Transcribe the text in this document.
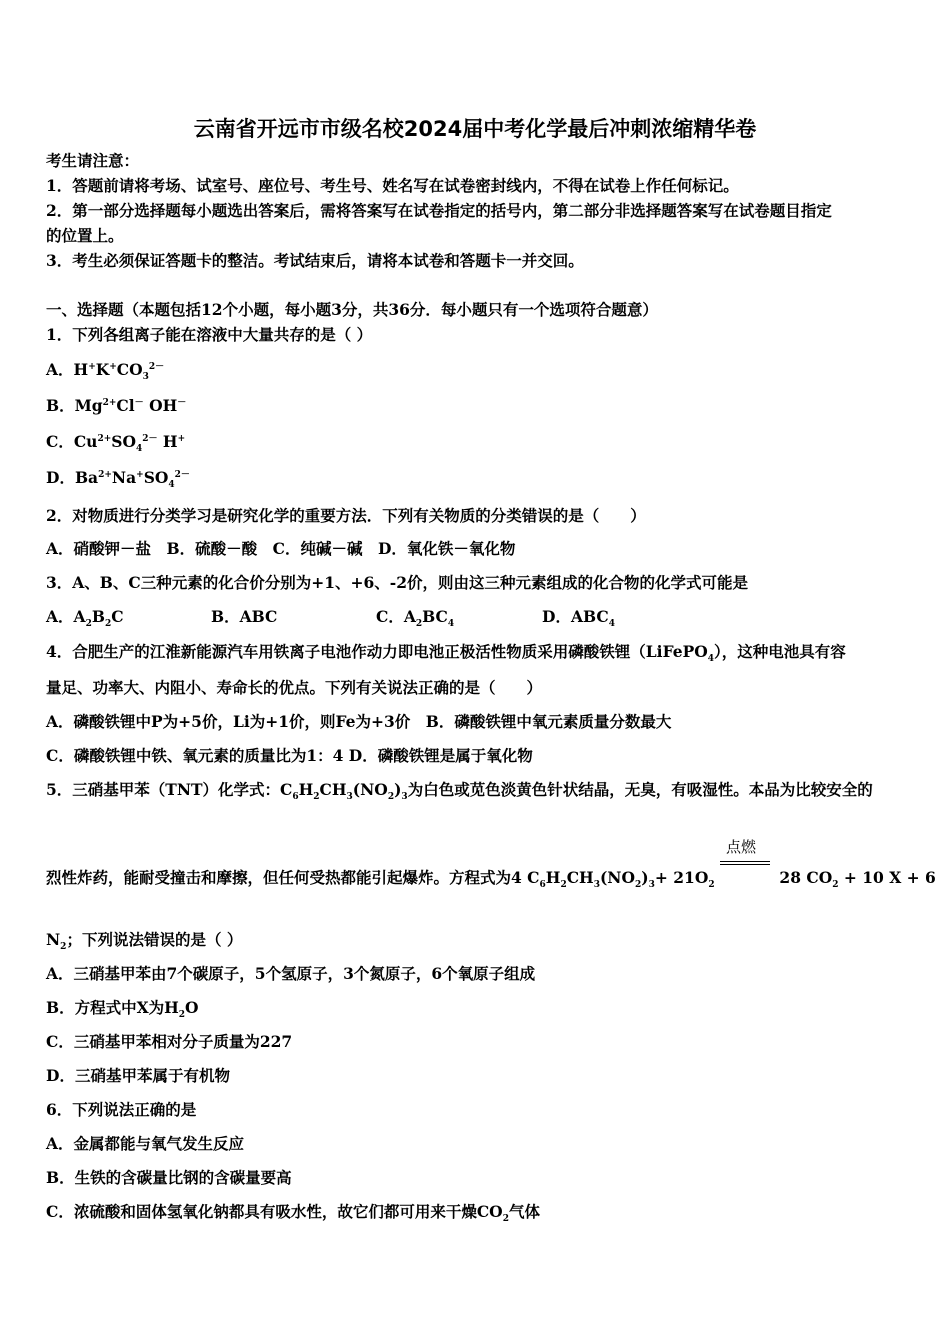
云南省开远市市级名校2024届中考化学最后冲刺浓缩精华卷
考生请注意：
1．答题前请将考场、试室号、座位号、考生号、姓名写在试卷密封线内，不得在试卷上作任何标记。
2．第一部分选择题每小题选出答案后，需将答案写在试卷指定的括号内，第二部分非选择题答案写在试卷题目指定
的位置上。
3．考生必须保证答题卡的整洁。考试结束后，请将本试卷和答题卡一并交回。
一、选择题（本题包括12个小题，每小题3分，共36分．每小题只有一个选项符合题意）
1．下列各组离子能在溶液中大量共存的是（ ）
A．$H^+K^+CO_3^{2-}$
B．$Mg^{2+}Cl^-$ OH－
C．$Cu^{2+}SO_4^{2-}$ H+
D．$Ba^{2+}Na^+SO_4^{2-}$
2．对物质进行分类学习是研究化学的重要方法．下列有关物质的分类错误的是（　　）
A．硝酸钾－盐　B．硫酸－酸　C．纯碱－碱　D．氧化铁－氧化物
3．A、B、C三种元素的化合价分别为+1、+6、-2价，则由这三种元素组成的化合物的化学式可能是
A．$A_2B_2C$	B．ABC	C．$A_2BC_4$	D．$ABC_4$
4．合肥生产的江淮新能源汽车用铁离子电池作动力即电池正极活性物质采用磷酸铁锂（LiFePO$_4$），这种电池具有容
量足、功率大、内阻小、寿命长的优点。下列有关说法正确的是（　　）
A．磷酸铁锂中P为+5价，Li为+1价，则Fe为+3价　B．磷酸铁锂中氧元素质量分数最大
C．磷酸铁锂中铁、氧元素的质量比为1：4 D．磷酸铁锂是属于氧化物
5．三硝基甲苯（TNT）化学式：$C_6H_2CH_3(NO_2)_3$为白色或苋色淡黄色针状结晶，无臭，有吸湿性。本品为比较安全的
烈性炸药，能耐受撞击和摩擦，但任何受热都能引起爆炸。方程式为4 $C_6H_2CH_3(NO_2)_3+ 21O_2$
点燃
28 $CO_2 + 10$ X + 6
$N_2$；下列说法错误的是（ ）
A．三硝基甲苯由7个碳原子，5个氢原子，3个氮原子，6个氧原子组成
B．方程式中X为$H_2O$
C．三硝基甲苯相对分子质量为227
D．三硝基甲苯属于有机物
6．下列说法正确的是
A．金属都能与氧气发生反应
B．生铁的含碳量比钢的含碳量要高
C．浓硫酸和固体氢氧化钠都具有吸水性，故它们都可用来干燥$CO_2$气体
